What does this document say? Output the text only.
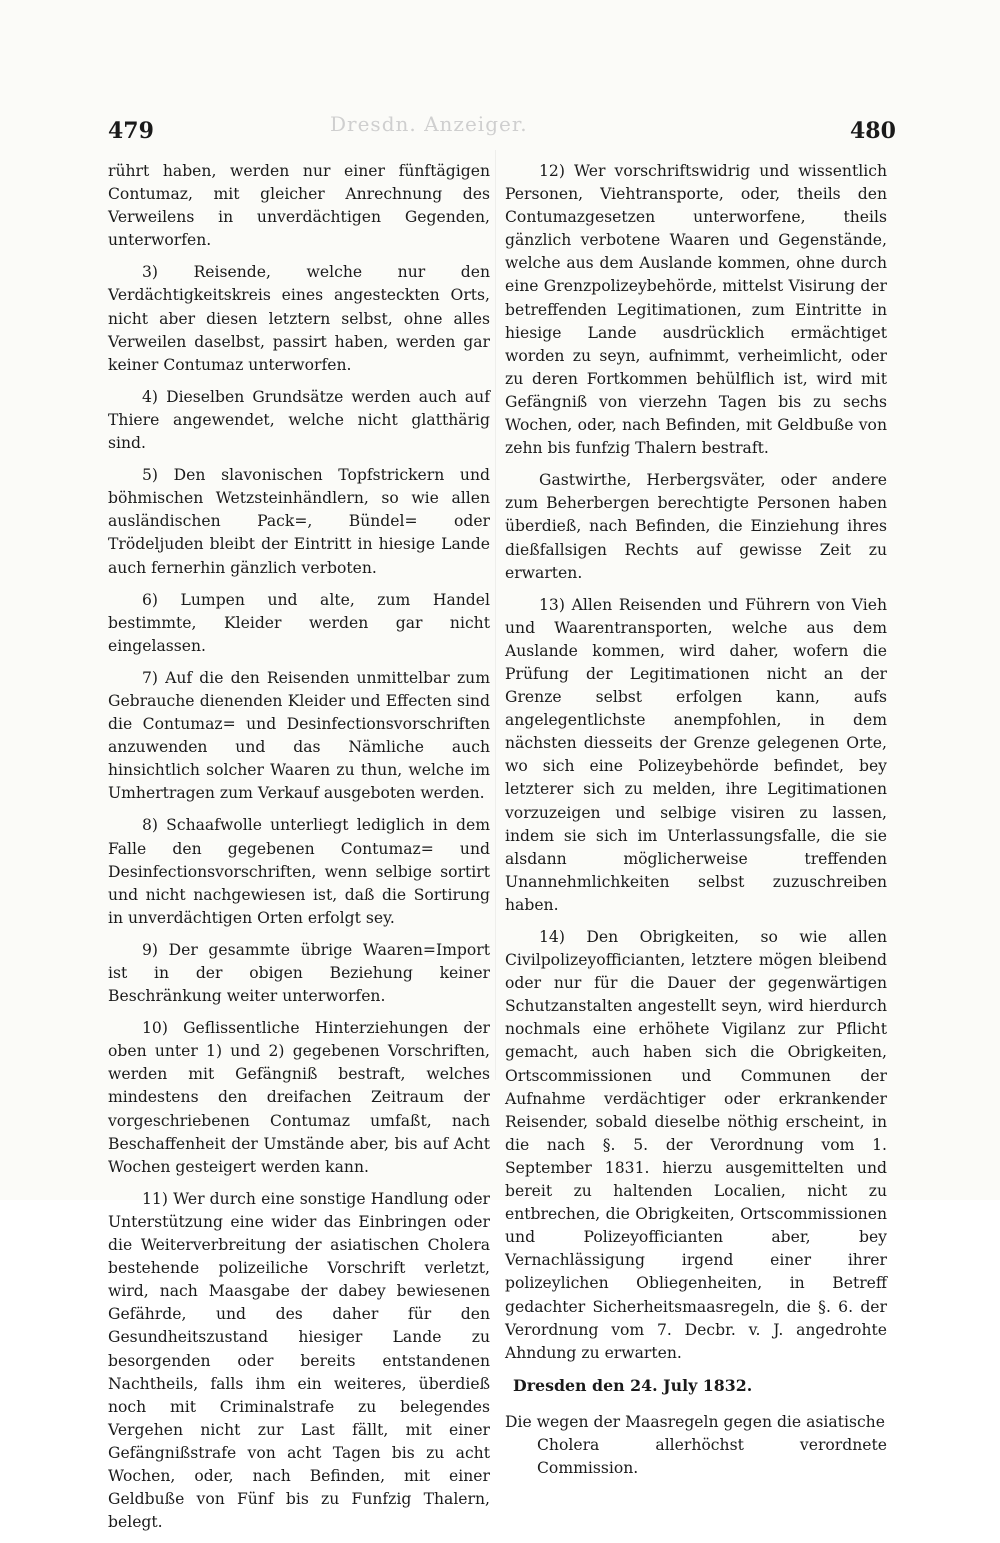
Dresdn. Anzeiger.
479	480

rührt haben, werden nur einer fünftägigen Contumaz, mit gleicher Anrechnung des Verweilens in unverdächtigen Gegenden, unterworfen.

3) Reisende, welche nur den Verdächtigkeitskreis eines angesteckten Orts, nicht aber diesen letztern selbst, ohne alles Verweilen daselbst, passirt haben, werden gar keiner Contumaz unterworfen.

4) Dieselben Grundsätze werden auch auf Thiere angewendet, welche nicht glatthärig sind.

5) Den slavonischen Topfstrickern und böhmischen Wetzsteinhändlern, so wie allen ausländischen Pack=, Bündel= oder Trödeljuden bleibt der Eintritt in hiesige Lande auch fernerhin gänzlich verboten.

6) Lumpen und alte, zum Handel bestimmte, Kleider werden gar nicht eingelassen.

7) Auf die den Reisenden unmittelbar zum Gebrauche dienenden Kleider und Effecten sind die Contumaz= und Desinfectionsvorschriften anzuwenden und das Nämliche auch hinsichtlich solcher Waaren zu thun, welche im Umhertragen zum Verkauf ausgeboten werden.

8) Schaafwolle unterliegt lediglich in dem Falle den gegebenen Contumaz= und Desinfectionsvorschriften, wenn selbige sortirt und nicht nachgewiesen ist, daß die Sortirung in unverdächtigen Orten erfolgt sey.

9) Der gesammte übrige Waaren=Import ist in der obigen Beziehung keiner Beschränkung weiter unterworfen.

10) Geflissentliche Hinterziehungen der oben unter 1) und 2) gegebenen Vorschriften, werden mit Gefängniß bestraft, welches mindestens den dreifachen Zeitraum der vorgeschriebenen Contumaz umfaßt, nach Beschaffenheit der Umstände aber, bis auf Acht Wochen gesteigert werden kann.

11) Wer durch eine sonstige Handlung oder Unterstützung eine wider das Einbringen oder die Weiterverbreitung der asiatischen Cholera bestehende polizeiliche Vorschrift verletzt, wird, nach Maasgabe der dabey bewiesenen Gefährde, und des daher für den Gesundheitszustand hiesiger Lande zu besorgenden oder bereits entstandenen Nachtheils, falls ihm ein weiteres, überdieß noch mit Criminalstrafe zu belegendes Vergehen nicht zur Last fällt, mit einer Gefängnißstrafe von acht Tagen bis zu acht Wochen, oder, nach Befinden, mit einer Geldbuße von Fünf bis zu Funfzig Thalern, belegt.

12) Wer vorschriftswidrig und wissentlich Personen, Viehtransporte, oder, theils den Contumazgesetzen unterworfene, theils gänzlich verbotene Waaren und Gegenstände, welche aus dem Auslande kommen, ohne durch eine Grenzpolizeybehörde, mittelst Visirung der betreffenden Legitimationen, zum Eintritte in hiesige Lande ausdrücklich ermächtiget worden zu seyn, aufnimmt, verheimlicht, oder zu deren Fortkommen behülflich ist, wird mit Gefängniß von vierzehn Tagen bis zu sechs Wochen, oder, nach Befinden, mit Geldbuße von zehn bis funfzig Thalern bestraft.

Gastwirthe, Herbergsväter, oder andere zum Beherbergen berechtigte Personen haben überdieß, nach Befinden, die Einziehung ihres dießfallsigen Rechts auf gewisse Zeit zu erwarten.

13) Allen Reisenden und Führern von Vieh und Waarentransporten, welche aus dem Auslande kommen, wird daher, wofern die Prüfung der Legitimationen nicht an der Grenze selbst erfolgen kann, aufs angelegentlichste anempfohlen, in dem nächsten diesseits der Grenze gelegenen Orte, wo sich eine Polizeybehörde befindet, bey letzterer sich zu melden, ihre Legitimationen vorzuzeigen und selbige visiren zu lassen, indem sie sich im Unterlassungsfalle, die sie alsdann möglicherweise treffenden Unannehmlichkeiten selbst zuzuschreiben haben.

14) Den Obrigkeiten, so wie allen Civilpolizeyofficianten, letztere mögen bleibend oder nur für die Dauer der gegenwärtigen Schutzanstalten angestellt seyn, wird hierdurch nochmals eine erhöhete Vigilanz zur Pflicht gemacht, auch haben sich die Obrigkeiten, Ortscommissionen und Communen der Aufnahme verdächtiger oder erkrankender Reisender, sobald dieselbe nöthig erscheint, in die nach §. 5. der Verordnung vom 1. September 1831. hierzu ausgemittelten und bereit zu haltenden Localien, nicht zu entbrechen, die Obrigkeiten, Ortscommissionen und Polizeyofficianten aber, bey Vernachlässigung irgend einer ihrer polizeylichen Obliegenheiten, in Betreff gedachter Sicherheitsmaasregeln, die §. 6. der Verordnung vom 7. Decbr. v. J. angedrohte Ahndung zu erwarten.

Dresden den 24. July 1832.

Die wegen der Maasregeln gegen die asiatische

Cholera allerhöchst verordnete Commission.
